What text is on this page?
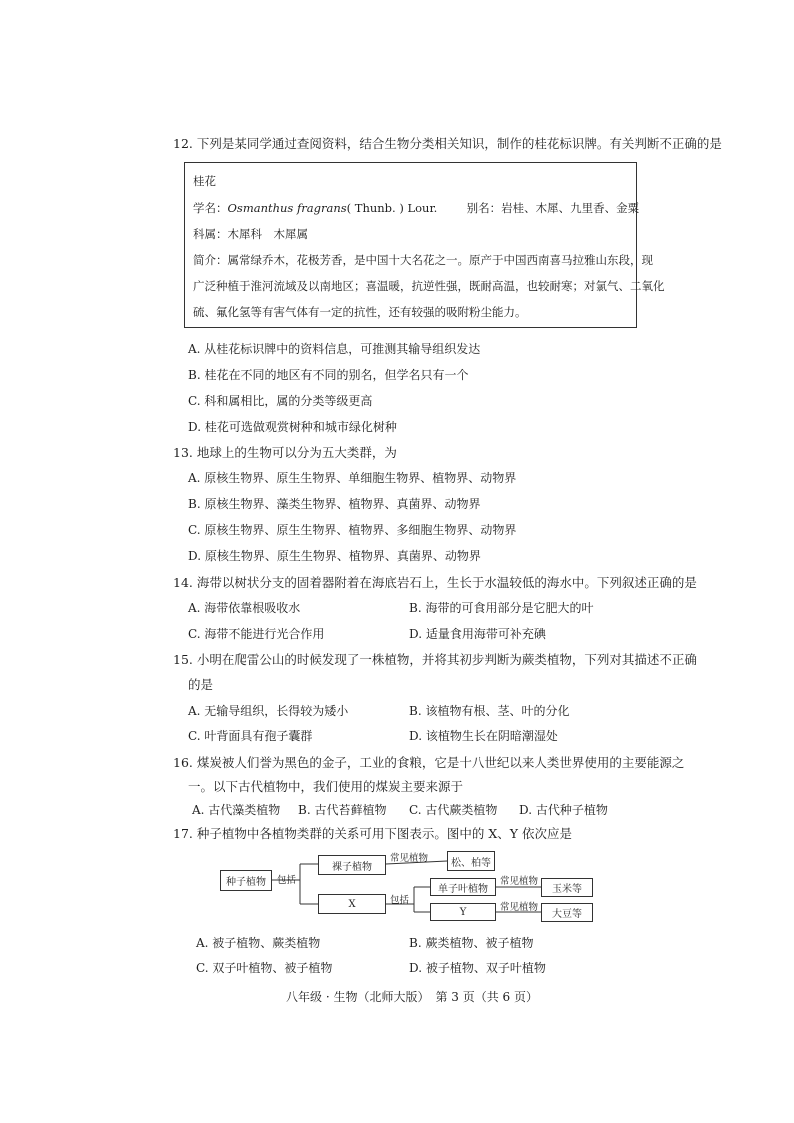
12. 下列是某同学通过查阅资料，结合生物分类相关知识，制作的桂花标识牌。有关判断不正确的是
桂花
学名：Osmanthus fragrans( Thunb. ) Lour.	别名：岩桂、木犀、九里香、金粟
科属：木犀科　木犀属
简介：属常绿乔木，花极芳香，是中国十大名花之一。原产于中国西南喜马拉雅山东段，现
广泛种植于淮河流域及以南地区；喜温暖，抗逆性强，既耐高温，也较耐寒；对氯气、二氧化
硫、氟化氢等有害气体有一定的抗性，还有较强的吸附粉尘能力。
A. 从桂花标识牌中的资料信息，可推测其输导组织发达
B. 桂花在不同的地区有不同的别名，但学名只有一个
C. 科和属相比，属的分类等级更高
D. 桂花可选做观赏树种和城市绿化树种
13. 地球上的生物可以分为五大类群，为
A. 原核生物界、原生生物界、单细胞生物界、植物界、动物界
B. 原核生物界、藻类生物界、植物界、真菌界、动物界
C. 原核生物界、原生生物界、植物界、多细胞生物界、动物界
D. 原核生物界、原生生物界、植物界、真菌界、动物界
14. 海带以树状分支的固着器附着在海底岩石上，生长于水温较低的海水中。下列叙述正确的是
A. 海带依靠根吸收水	B. 海带的可食用部分是它肥大的叶
C. 海带不能进行光合作用	D. 适量食用海带可补充碘
15. 小明在爬雷公山的时候发现了一株植物，并将其初步判断为蕨类植物，下列对其描述不正确
的是
A. 无输导组织，长得较为矮小	B. 该植物有根、茎、叶的分化
C. 叶背面具有孢子囊群	D. 该植物生长在阴暗潮湿处
16. 煤炭被人们誉为黑色的金子，工业的食粮，它是十八世纪以来人类世界使用的主要能源之
一。以下古代植物中，我们使用的煤炭主要来源于
A. 古代藻类植物 B. 古代苔藓植物 C. 古代蕨类植物 D. 古代种子植物
17. 种子植物中各植物类群的关系可用下图表示。图中的 X、Y 依次应是
种子植物	包括
裸子植物
常见植物	松、柏等
X	包括
单子叶植物
常见植物
玉米等
Y	常见植物
大豆等
A. 被子植物、蕨类植物	B. 蕨类植物、被子植物
C. 双子叶植物、被子植物	D. 被子植物、双子叶植物
八年级 · 生物（北师大版）　第 3 页（共 6 页）
